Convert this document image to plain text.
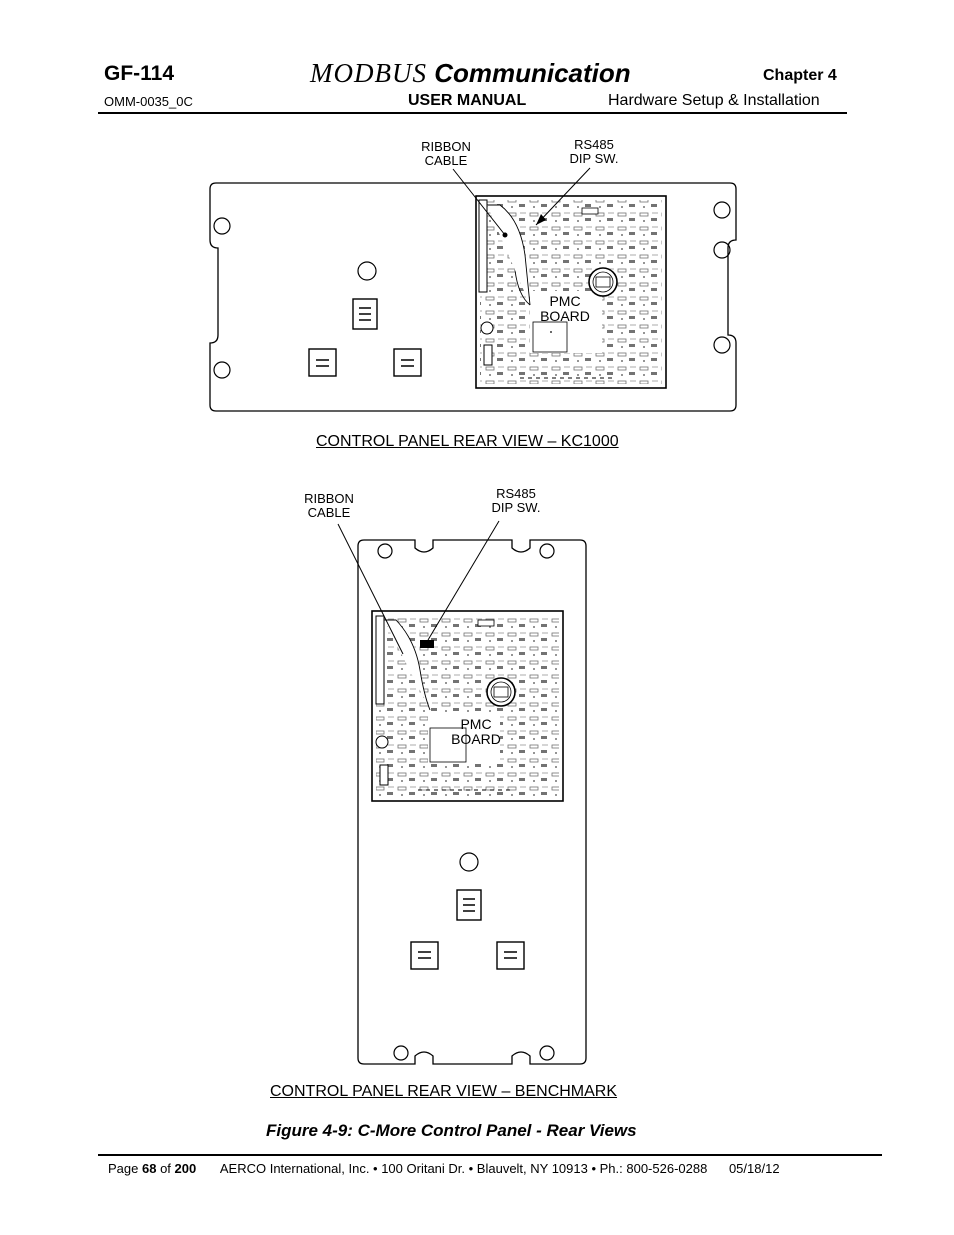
GF-114	MODBUS Communication	Chapter 4
OMM-0035_0C	USER MANUAL	Hardware Setup & Installation
RIBBON
CABLE
RS485
DIP SW.
PMC
BOARD
CONTROL PANEL REAR VIEW – KC1000
RIBBON
CABLE
RS485
DIP SW.
PMC
BOARD
CONTROL PANEL REAR VIEW – BENCHMARK
Figure 4-9: C-More Control Panel - Rear Views
Page 68 of 200 AERCO International, Inc. • 100 Oritani Dr. • Blauvelt, NY 10913 • Ph.: 800-526-0288 05/18/12
